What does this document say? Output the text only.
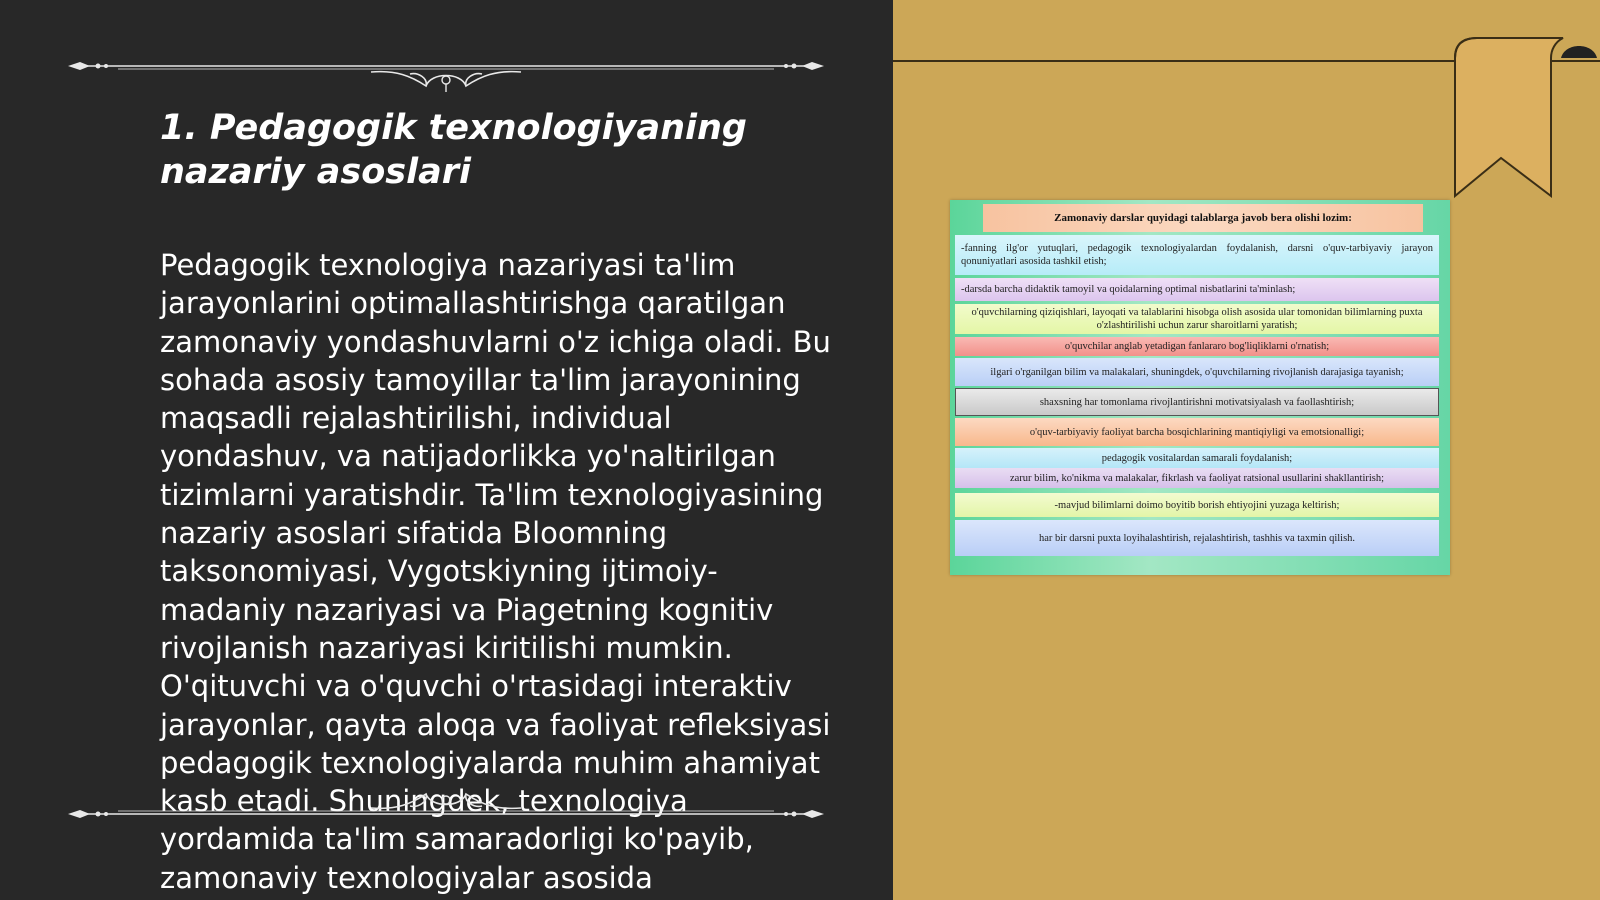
1. Pedagogik texnologiyaning nazariy asoslari

Pedagogik texnologiya nazariyasi ta'lim jarayonlarini optimallashtirishga qaratilgan zamonaviy yondashuvlarni o'z ichiga oladi. Bu sohada asosiy tamoyillar ta'lim jarayonining maqsadli rejalashtirilishi, individual yondashuv, va natijadorlikka yo'naltirilgan tizimlarni yaratishdir. Ta'lim texnologiyasining nazariy asoslari sifatida Bloomning taksonomiyasi, Vygotskiyning ijtimoiy-madaniy nazariyasi va Piagetning kognitiv rivojlanish nazariyasi kiritilishi mumkin. O'qituvchi va o'quvchi o'rtasidagi interaktiv jarayonlar, qayta aloqa va faoliyat refleksiyasi pedagogik texnologiyalarda muhim ahamiyat kasb etadi. Shuningdek, texnologiya yordamida ta'lim samaradorligi ko'payib, zamonaviy texnologiyalar asosida

Zamonaviy darslar quyidagi talablarga javob bera olishi lozim:
-fanning ilg'or yutuqlari, pedagogik texnologiyalardan foydalanish, darsni o'quv-tarbiyaviy jarayon qonuniyatlari asosida tashkil etish;
-darsda barcha didaktik tamoyil va qoidalarning optimal nisbatlarini ta'minlash;
o'quvchilarning qiziqishlari, layoqati va talablarini hisobga olish asosida ular tomonidan bilimlarning puxta o'zlashtirilishi uchun zarur sharoitlarni yaratish;
o'quvchilar anglab yetadigan fanlararo bog'liqliklarni o'rnatish;
ilgari o'rganilgan bilim va malakalari, shuningdek, o'quvchilarning rivojlanish darajasiga tayanish;
shaxsning har tomonlama rivojlantirishni motivatsiyalash va faollashtirish;
o'quv-tarbiyaviy faoliyat barcha bosqichlarining mantiqiyligi va emotsionalligi;
pedagogik vositalardan samarali foydalanish;
zarur bilim, ko'nikma va malakalar, fikrlash va faoliyat ratsional usullarini shakllantirish;
-mavjud bilimlarni doimo boyitib borish ehtiyojini yuzaga keltirish;
har bir darsni puxta loyihalashtirish, rejalashtirish, tashhis va taxmin qilish.
